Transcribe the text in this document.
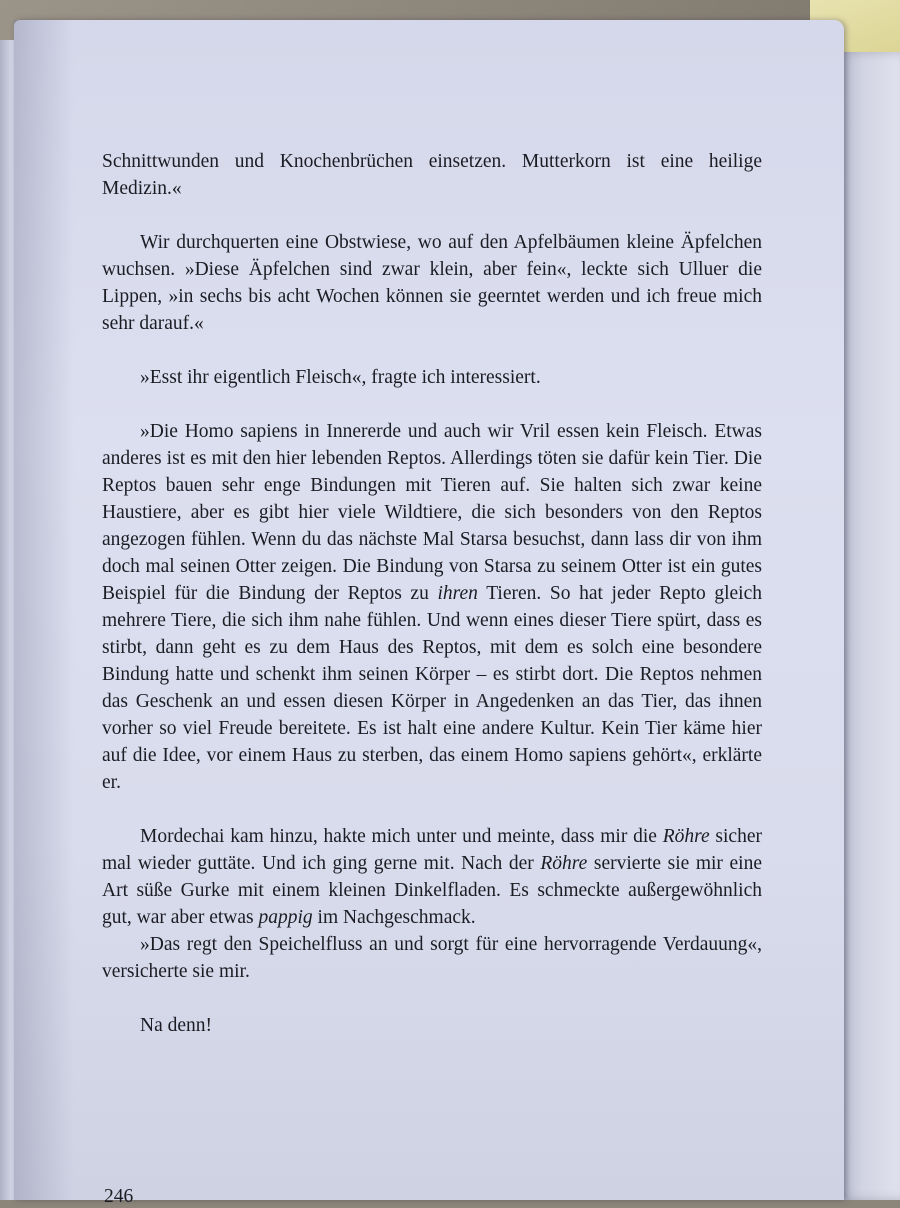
Schnittwunden und Knochenbrüchen einsetzen. Mutterkorn ist eine heilige Medizin.«

Wir durchquerten eine Obstwiese, wo auf den Apfelbäumen kleine Äpfelchen wuchsen. »Diese Äpfelchen sind zwar klein, aber fein«, leckte sich Ulluer die Lippen, »in sechs bis acht Wochen können sie geerntet werden und ich freue mich sehr darauf.«

»Esst ihr eigentlich Fleisch«, fragte ich interessiert.

»Die Homo sapiens in Innererde und auch wir Vril essen kein Fleisch. Etwas anderes ist es mit den hier lebenden Reptos. Allerdings töten sie dafür kein Tier. Die Reptos bauen sehr enge Bindungen mit Tieren auf. Sie halten sich zwar keine Haustiere, aber es gibt hier viele Wildtiere, die sich besonders von den Reptos angezogen fühlen. Wenn du das nächste Mal Starsa besuchst, dann lass dir von ihm doch mal seinen Otter zeigen. Die Bindung von Starsa zu seinem Otter ist ein gutes Beispiel für die Bindung der Reptos zu ihren Tieren. So hat jeder Repto gleich mehrere Tiere, die sich ihm nahe fühlen. Und wenn eines dieser Tiere spürt, dass es stirbt, dann geht es zu dem Haus des Reptos, mit dem es solch eine besondere Bindung hatte und schenkt ihm seinen Körper – es stirbt dort. Die Reptos nehmen das Geschenk an und essen diesen Körper in Angedenken an das Tier, das ihnen vorher so viel Freude bereitete. Es ist halt eine andere Kultur. Kein Tier käme hier auf die Idee, vor einem Haus zu sterben, das einem Homo sapiens gehört«, erklärte er.

Mordechai kam hinzu, hakte mich unter und meinte, dass mir die Röhre sicher mal wieder guttäte. Und ich ging gerne mit. Nach der Röhre servierte sie mir eine Art süße Gurke mit einem kleinen Dinkelfladen. Es schmeckte außergewöhnlich gut, war aber etwas pappig im Nachgeschmack.

»Das regt den Speichelfluss an und sorgt für eine hervorragende Verdauung«, versicherte sie mir.

Na denn!

246
